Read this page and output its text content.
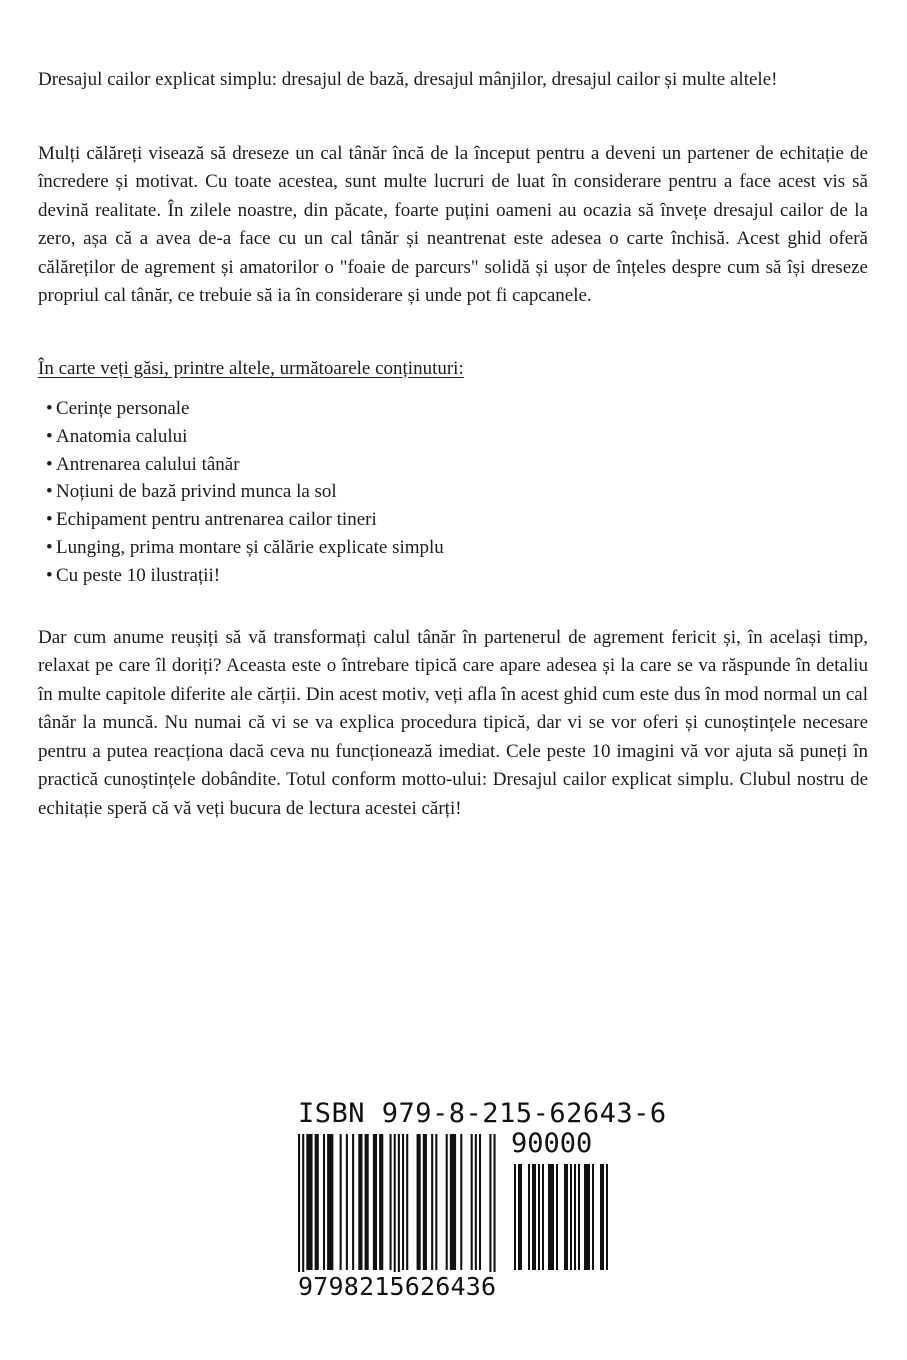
Dresajul cailor explicat simplu: dresajul de bază, dresajul mânjilor, dresajul cailor și multe altele!

Mulți călăreți visează să dreseze un cal tânăr încă de la început pentru a deveni un partener de echitație de încredere și motivat. Cu toate acestea, sunt multe lucruri de luat în considerare pentru a face acest vis să devină realitate. În zilele noastre, din păcate, foarte puțini oameni au ocazia să învețe dresajul cailor de la zero, așa că a avea de-a face cu un cal tânăr și neantrenat este adesea o carte închisă. Acest ghid oferă călăreților de agrement și amatorilor o "foaie de parcurs" solidă și ușor de înțeles despre cum să își dreseze propriul cal tânăr, ce trebuie să ia în considerare și unde pot fi capcanele.

În carte veți găsi, printre altele, următoarele conținuturi:

• Cerințe personale
• Anatomia calului
• Antrenarea calului tânăr
• Noțiuni de bază privind munca la sol
• Echipament pentru antrenarea cailor tineri
• Lunging, prima montare și călărie explicate simplu
• Cu peste 10 ilustrații!

Dar cum anume reușiți să vă transformați calul tânăr în partenerul de agrement fericit și, în același timp, relaxat pe care îl doriți? Aceasta este o întrebare tipică care apare adesea și la care se va răspunde în detaliu în multe capitole diferite ale cărții. Din acest motiv, veți afla în acest ghid cum este dus în mod normal un cal tânăr la muncă. Nu numai că vi se va explica procedura tipică, dar vi se vor oferi și cunoștințele necesare pentru a putea reacționa dacă ceva nu funcționează imediat. Cele peste 10 imagini vă vor ajuta să puneți în practică cunoștințele dobândite. Totul conform motto-ului: Dresajul cailor explicat simplu. Clubul nostru de echitație speră că vă veți bucura de lectura acestei cărți!

ISBN 979-8-215-62643-6
90000
9798215626436
